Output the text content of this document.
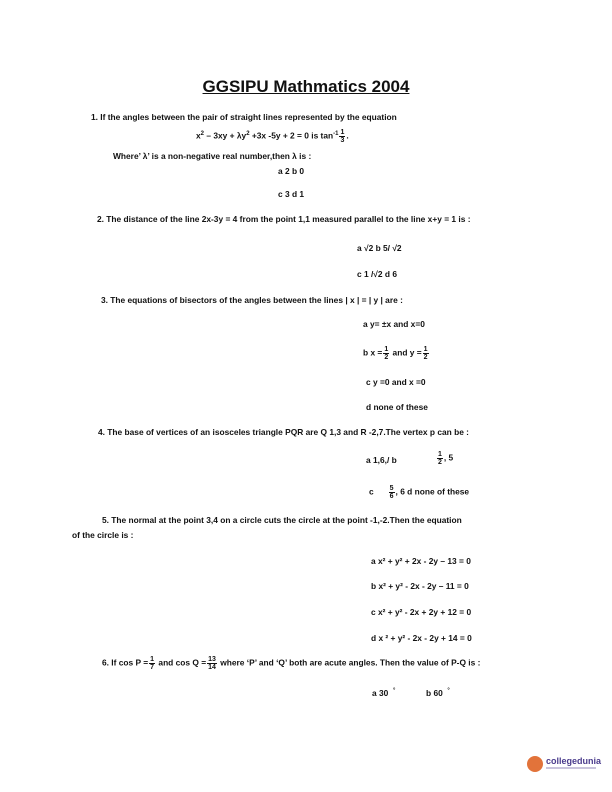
GGSIPU Mathmatics 2004
1. If the angles between the pair of straight lines represented by the equation
$x^2 - 3xy + \lambda y^2 +3x$ -5y + 2 = 0 is $\tan^{-1} \frac{1}{3}$ .
Where’ λ’ is a non-negative real number,then λ is :
a 2 b 0
c 3 d 1
2. The distance of the line 2x-3y = 4 from the point 1,1 measured parallel to the line x+y = 1 is :
a √2 b 5/ √2
c 1 /√2 d 6
3. The equations of bisectors of the angles between the lines | x | = | y | are :
a y= ±x and x=0
b $x = \frac{1}{2}$ and $y = \frac{1}{2}$
c y =0 and x =0
d none of these
4. The base of vertices of an isosceles triangle PQR are Q 1,3 and R -2,7.The vertex p can be :
a 1,6,/ b	$\frac{1}{2}$ , 5
c $\frac{5}{6}$ , 6 d none of these
5. The normal at the point 3,4 on a circle cuts the circle at the point -1,-2.Then the equation
of the circle is :
a x² + y² + 2x - 2y – 13 = 0
b x² + y² - 2x - 2y – 11 = 0
c x² + y² - 2x + 2y + 12 = 0
d x ² + y² - 2x - 2y + 14 = 0
6. If $\cos P = \frac{1}{7}$ and $\cos Q = \frac{13}{14}$ where ‘P’ and ‘Q’ both are acute angles. Then the value of P-Q is :
a 30 °	b 60 °
collegedunia
